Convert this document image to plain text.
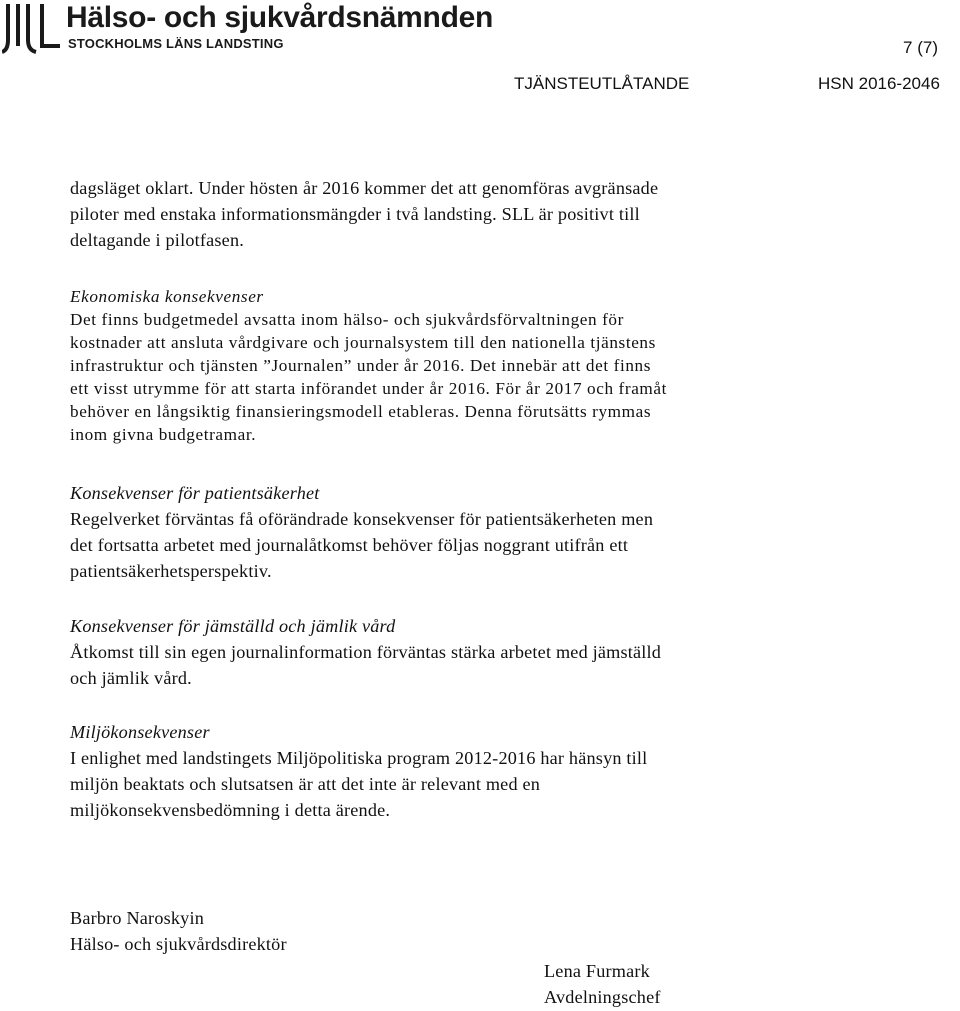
Hälso- och sjukvårdsnämnden
STOCKHOLMS LÄNS LANDSTING	7 (7)
TJÄNSTEUTLÅTANDE	HSN 2016-2046
dagsläget oklart. Under hösten år 2016 kommer det att genomföras avgränsade
piloter med enstaka informationsmängder i två landsting. SLL är positivt till
deltagande i pilotfasen.
Ekonomiska konsekvenser
Det finns budgetmedel avsatta inom hälso- och sjukvårdsförvaltningen för
kostnader att ansluta vårdgivare och journalsystem till den nationella tjänstens
infrastruktur och tjänsten ”Journalen” under år 2016. Det innebär att det finns
ett visst utrymme för att starta införandet under år 2016. För år 2017 och framåt
behöver en långsiktig finansieringsmodell etableras. Denna förutsätts rymmas
inom givna budgetramar.
Konsekvenser för patientsäkerhet
Regelverket förväntas få oförändrade konsekvenser för patientsäkerheten men
det fortsatta arbetet med journalåtkomst behöver följas noggrant utifrån ett
patientsäkerhetsperspektiv.
Konsekvenser för jämställd och jämlik vård
Åtkomst till sin egen journalinformation förväntas stärka arbetet med jämställd
och jämlik vård.
Miljökonsekvenser
I enlighet med landstingets Miljöpolitiska program 2012-2016 har hänsyn till
miljön beaktats och slutsatsen är att det inte är relevant med en
miljökonsekvensbedömning i detta ärende.
Barbro Naroskyin
Hälso- och sjukvårdsdirektör
Lena Furmark
Avdelningschef
